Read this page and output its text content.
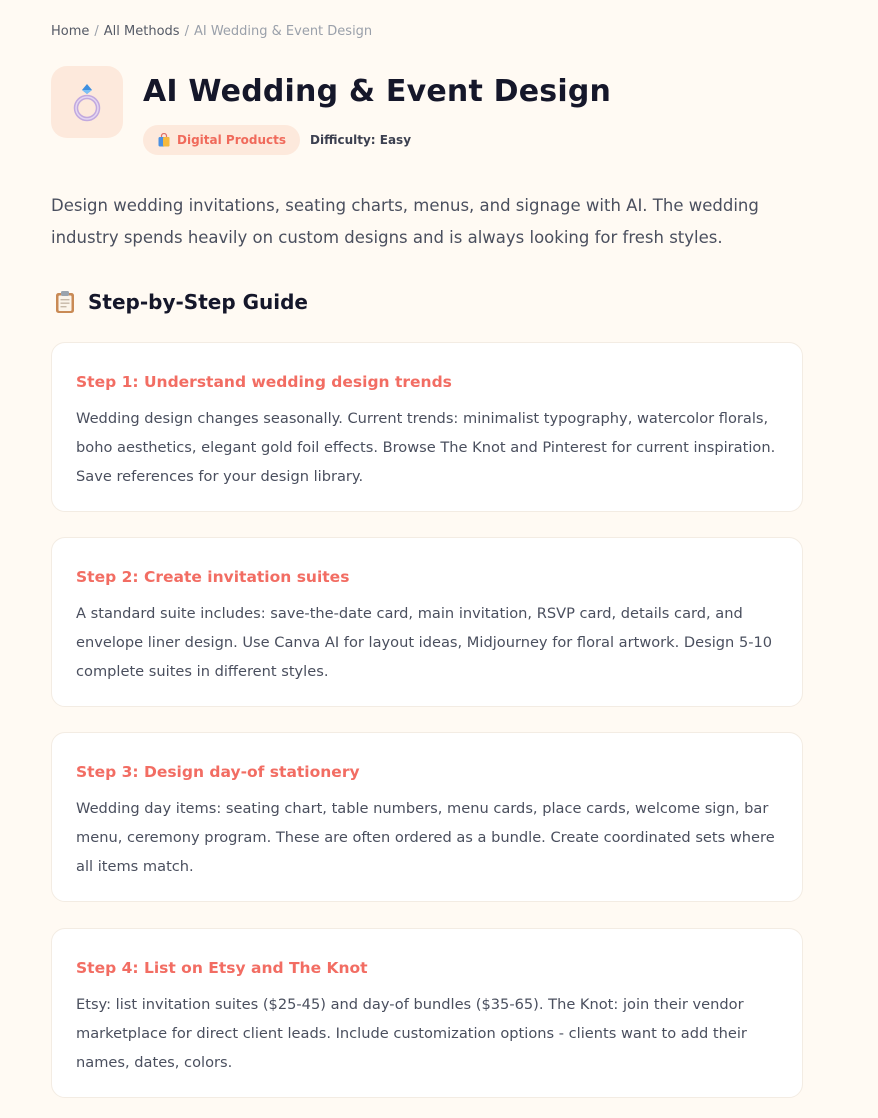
Home / All Methods / AI Wedding & Event Design
AI Wedding & Event Design
Digital Products Difficulty: Easy

Design wedding invitations, seating charts, menus, and signage with AI. The wedding industry spends heavily on custom designs and is always looking for fresh styles.

Step-by-Step Guide
Step 1: Understand wedding design trends

Wedding design changes seasonally. Current trends: minimalist typography, watercolor florals, boho aesthetics, elegant gold foil effects. Browse The Knot and Pinterest for current inspiration. Save references for your design library.

Step 2: Create invitation suites

A standard suite includes: save-the-date card, main invitation, RSVP card, details card, and envelope liner design. Use Canva AI for layout ideas, Midjourney for floral artwork. Design 5-10 complete suites in different styles.

Step 3: Design day-of stationery

Wedding day items: seating chart, table numbers, menu cards, place cards, welcome sign, bar menu, ceremony program. These are often ordered as a bundle. Create coordinated sets where all items match.

Step 4: List on Etsy and The Knot

Etsy: list invitation suites ($25-45) and day-of bundles ($35-65). The Knot: join their vendor marketplace for direct client leads. Include customization options - clients want to add their names, dates, colors.
